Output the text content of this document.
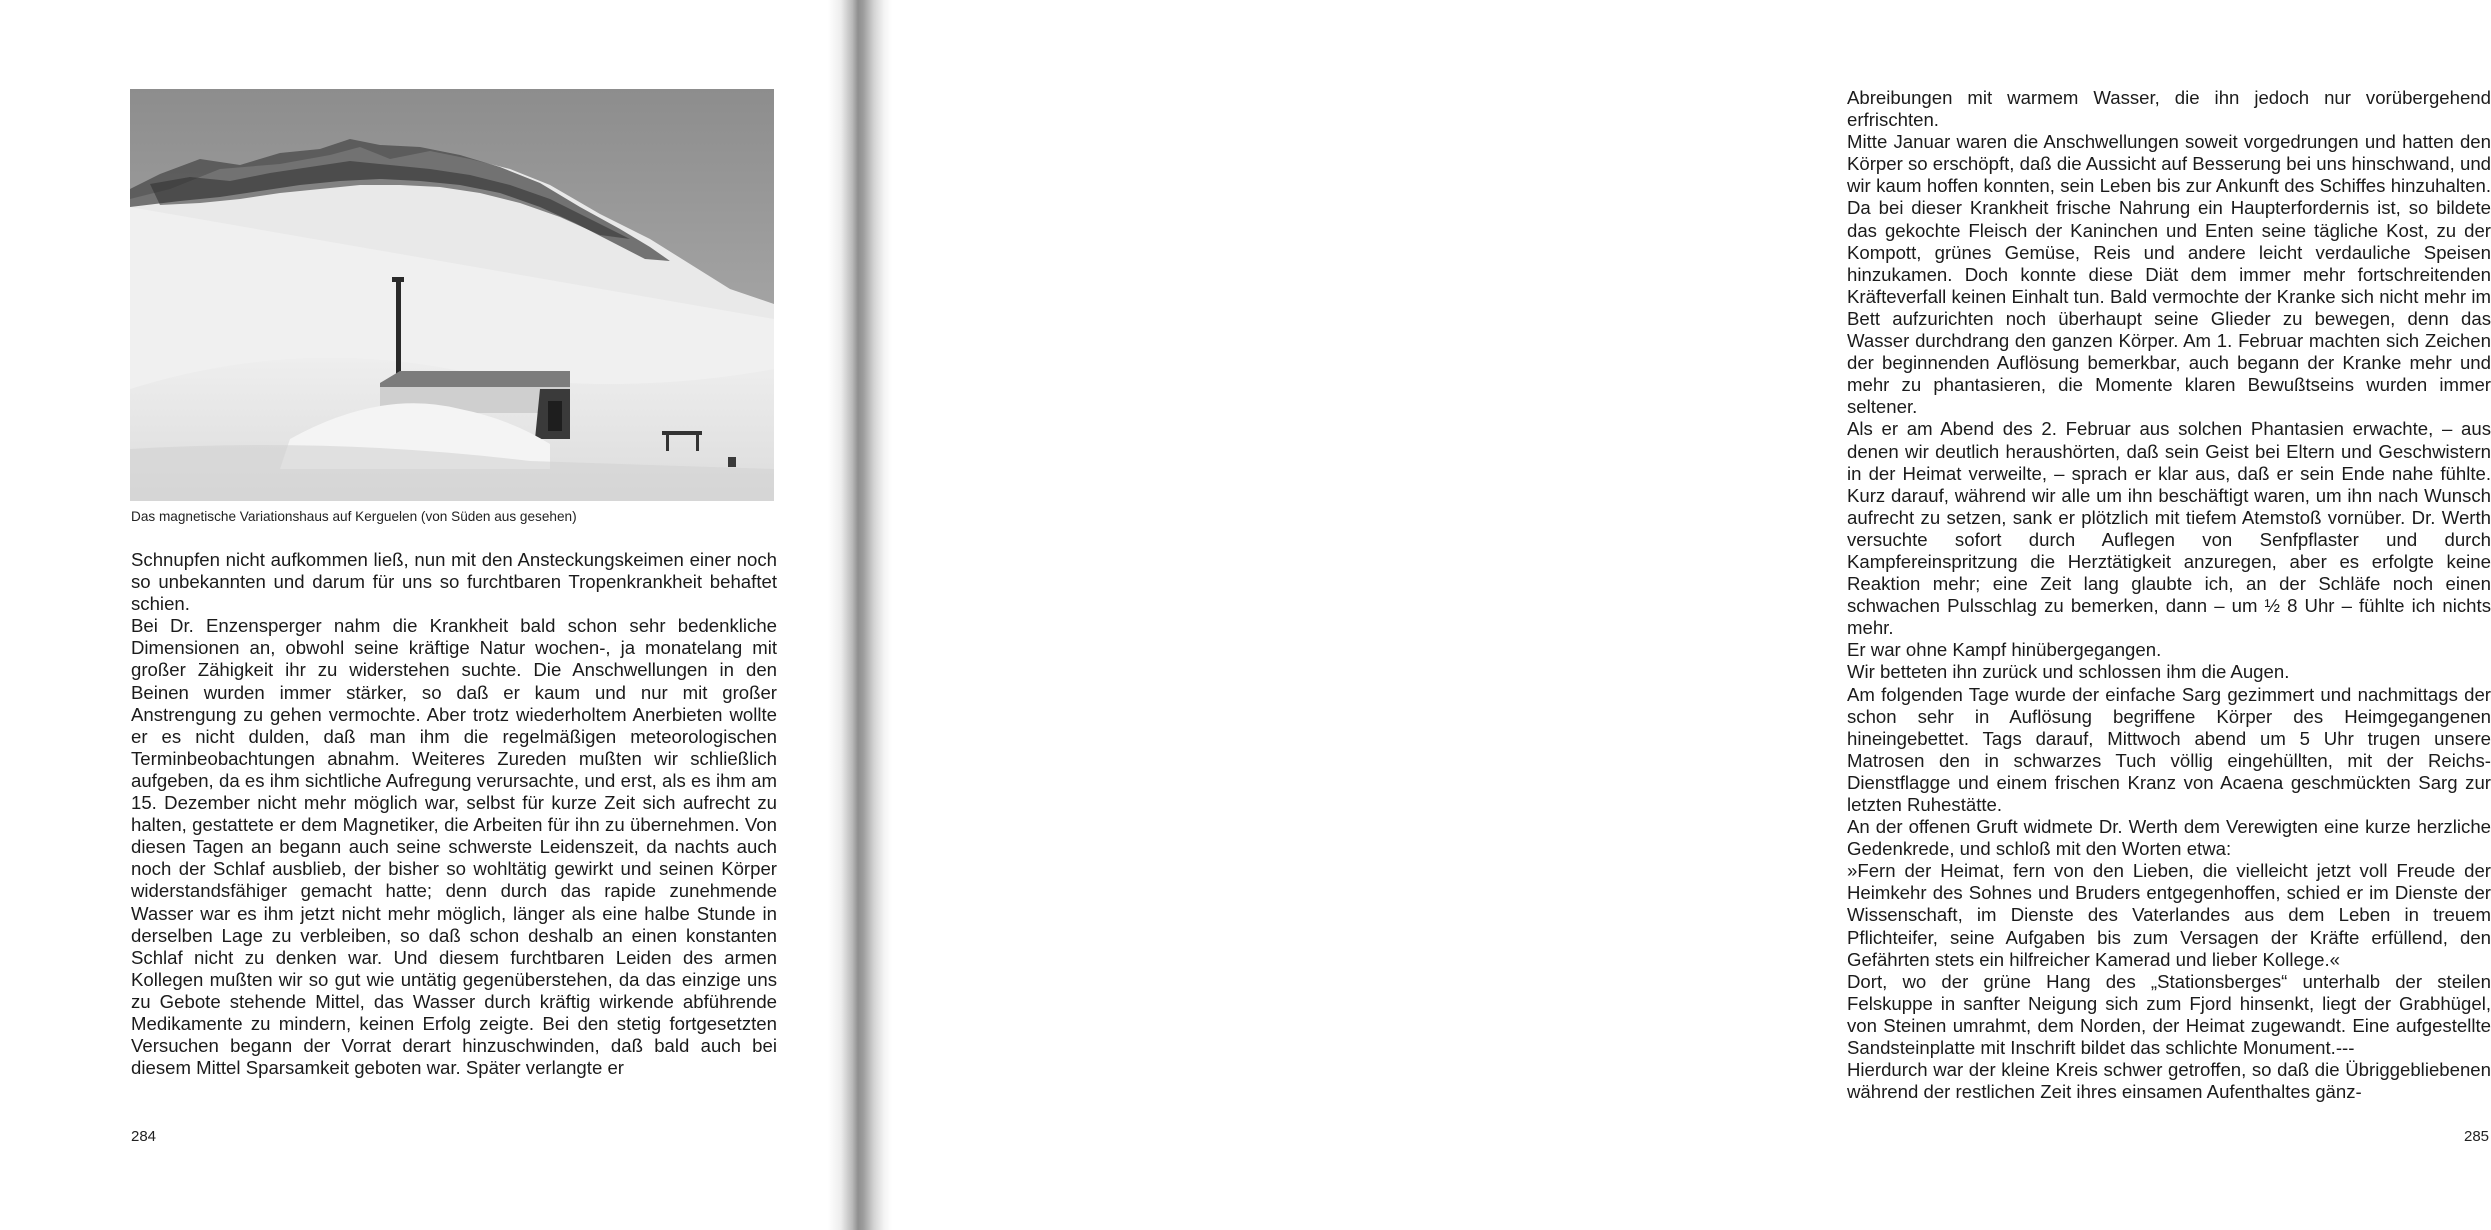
Das magnetische Variationshaus auf Kerguelen (von Süden aus gesehen)

Schnupfen nicht aufkommen ließ, nun mit den Ansteckungskeimen einer noch so unbekannten und darum für uns so furchtbaren Tropenkrankheit behaftet schien.

Bei Dr. Enzensperger nahm die Krankheit bald schon sehr bedenkliche Dimensionen an, obwohl seine kräftige Natur wochen-, ja monatelang mit großer Zähigkeit ihr zu widerstehen suchte. Die Anschwellungen in den Beinen wurden immer stärker, so daß er kaum und nur mit großer Anstrengung zu gehen vermochte. Aber trotz wiederholtem Anerbieten wollte er es nicht dulden, daß man ihm die regelmäßigen meteorologischen Terminbeobachtungen abnahm. Weiteres Zureden mußten wir schließlich aufgeben, da es ihm sichtliche Aufregung verursachte, und erst, als es ihm am 15. Dezember nicht mehr möglich war, selbst für kurze Zeit sich aufrecht zu halten, gestattete er dem Magnetiker, die Arbeiten für ihn zu übernehmen. Von diesen Tagen an begann auch seine schwerste Leidenszeit, da nachts auch noch der Schlaf ausblieb, der bisher so wohltätig gewirkt und seinen Körper widerstandsfähiger gemacht hatte; denn durch das rapide zunehmende Wasser war es ihm jetzt nicht mehr möglich, länger als eine halbe Stunde in derselben Lage zu verbleiben, so daß schon deshalb an einen konstanten Schlaf nicht zu denken war. Und diesem furchtbaren Leiden des armen Kollegen mußten wir so gut wie untätig gegenüberstehen, da das einzige uns zu Gebote stehende Mittel, das Wasser durch kräftig wirkende abführende Medikamente zu mindern, keinen Erfolg zeigte. Bei den stetig fortgesetzten Versuchen begann der Vorrat derart hinzuschwinden, daß bald auch bei diesem Mittel Sparsamkeit geboten war. Später verlangte er

284

Abreibungen mit warmem Wasser, die ihn jedoch nur vorübergehend erfrischten.

Mitte Januar waren die Anschwellungen soweit vorgedrungen und hatten den Körper so erschöpft, daß die Aussicht auf Besserung bei uns hinschwand, und wir kaum hoffen konnten, sein Leben bis zur Ankunft des Schiffes hinzuhalten. Da bei dieser Krankheit frische Nahrung ein Haupterfordernis ist, so bildete das gekochte Fleisch der Kaninchen und Enten seine tägliche Kost, zu der Kompott, grünes Gemüse, Reis und andere leicht verdauliche Speisen hinzukamen. Doch konnte diese Diät dem immer mehr fortschreitenden Kräfteverfall keinen Einhalt tun. Bald vermochte der Kranke sich nicht mehr im Bett aufzurichten noch überhaupt seine Glieder zu bewegen, denn das Wasser durchdrang den ganzen Körper. Am 1. Februar machten sich Zeichen der beginnenden Auflösung bemerkbar, auch begann der Kranke mehr und mehr zu phantasieren, die Momente klaren Bewußtseins wurden immer seltener.

Als er am Abend des 2. Februar aus solchen Phantasien erwachte, – aus denen wir deutlich heraushörten, daß sein Geist bei Eltern und Geschwistern in der Heimat verweilte, – sprach er klar aus, daß er sein Ende nahe fühlte. Kurz darauf, während wir alle um ihn beschäftigt waren, um ihn nach Wunsch aufrecht zu setzen, sank er plötzlich mit tiefem Atemstoß vornüber. Dr. Werth versuchte sofort durch Auflegen von Senfpflaster und durch Kampfereinspritzung die Herztätigkeit anzuregen, aber es erfolgte keine Reaktion mehr; eine Zeit lang glaubte ich, an der Schläfe noch einen schwachen Pulsschlag zu bemerken, dann – um ½ 8 Uhr – fühlte ich nichts mehr.

Er war ohne Kampf hinübergegangen.

Wir betteten ihn zurück und schlossen ihm die Augen.

Am folgenden Tage wurde der einfache Sarg gezimmert und nachmittags der schon sehr in Auflösung begriffene Körper des Heimgegangenen hineingebettet. Tags darauf, Mittwoch abend um 5 Uhr trugen unsere Matrosen den in schwarzes Tuch völlig eingehüllten, mit der Reichs-Dienstflagge und einem frischen Kranz von Acaena geschmückten Sarg zur letzten Ruhestätte.

An der offenen Gruft widmete Dr. Werth dem Verewigten eine kurze herzliche Gedenkrede, und schloß mit den Worten etwa:

»Fern der Heimat, fern von den Lieben, die vielleicht jetzt voll Freude der Heimkehr des Sohnes und Bruders entgegenhoffen, schied er im Dienste der Wissenschaft, im Dienste des Vaterlandes aus dem Leben in treuem Pflichteifer, seine Aufgaben bis zum Versagen der Kräfte erfüllend, den Gefährten stets ein hilfreicher Kamerad und lieber Kollege.«

Dort, wo der grüne Hang des „Stationsberges“ unterhalb der steilen Felskuppe in sanfter Neigung sich zum Fjord hinsenkt, liegt der Grabhügel, von Steinen umrahmt, dem Norden, der Heimat zugewandt. Eine aufgestellte Sandsteinplatte mit Inschrift bildet das schlichte Monument.---

Hierdurch war der kleine Kreis schwer getroffen, so daß die Übriggebliebenen während der restlichen Zeit ihres einsamen Aufenthaltes gänz-

285
